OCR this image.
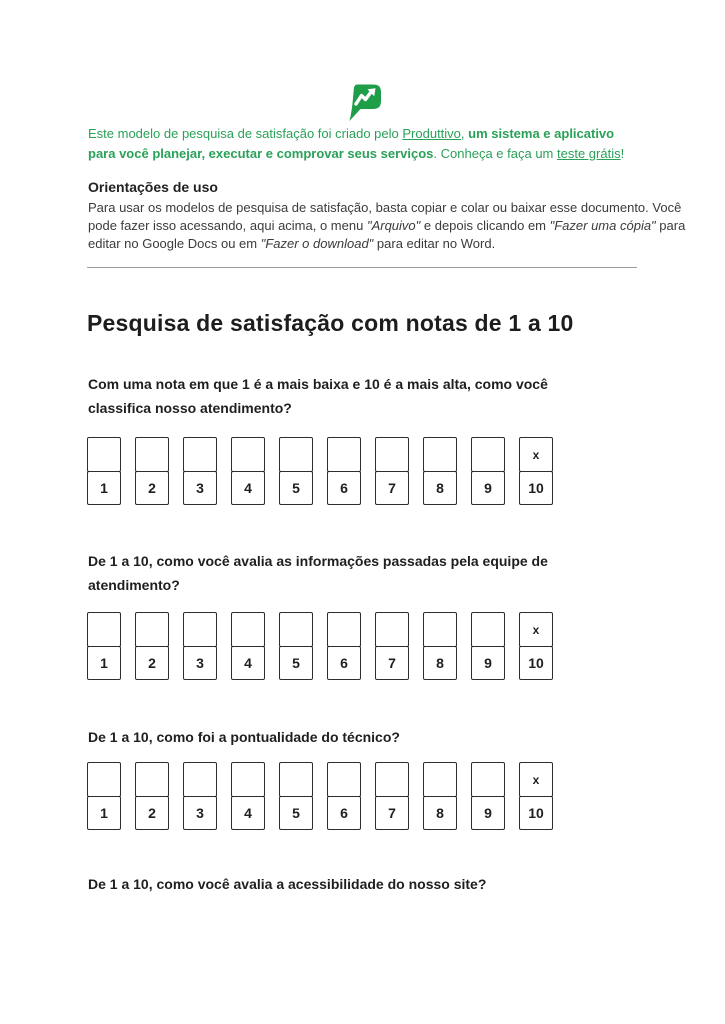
Este modelo de pesquisa de satisfação foi criado pelo Produttivo, um sistema e aplicativo
para você planejar, executar e comprovar seus serviços. Conheça e faça um teste grátis!
Orientações de uso
Para usar os modelos de pesquisa de satisfação, basta copiar e colar ou baixar esse documento. Você
pode fazer isso acessando, aqui acima, o menu "Arquivo" e depois clicando em "Fazer uma cópia" para
editar no Google Docs ou em "Fazer o download" para editar no Word.
Pesquisa de satisfação com notas de 1 a 10
Com uma nota em que 1 é a mais baixa e 10 é a mais alta, como você
classifica nosso atendimento?
1	2	3	4	5	6	7	8	9
x
10
De 1 a 10, como você avalia as informações passadas pela equipe de
atendimento?
1	2	3	4	5	6	7	8	9
x
10
De 1 a 10, como foi a pontualidade do técnico?
1	2	3	4	5	6	7	8	9
x
10
De 1 a 10, como você avalia a acessibilidade do nosso site?
